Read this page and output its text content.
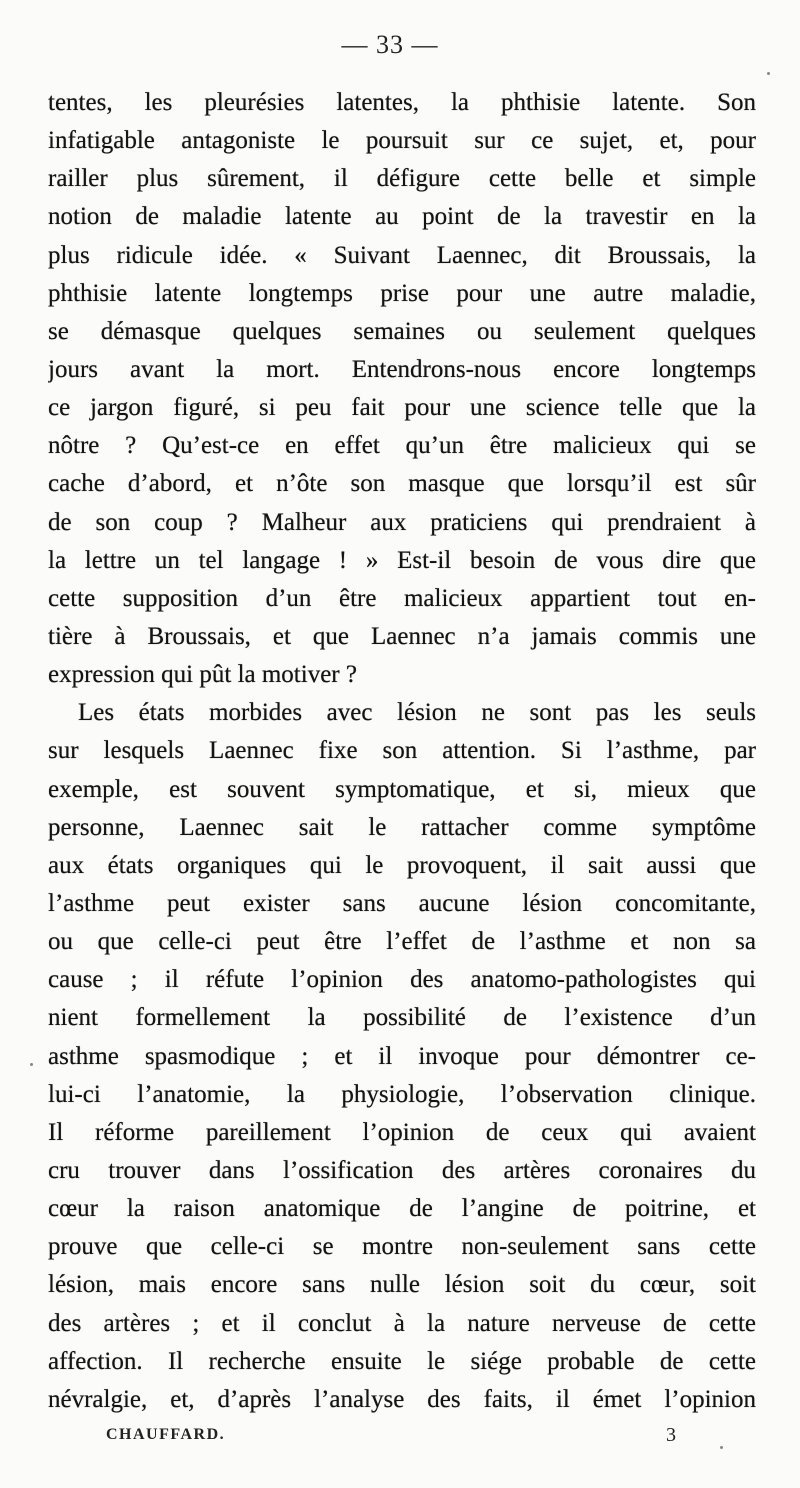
— 33 —
tentes, les pleurésies latentes, la phthisie latente. Son
infatigable antagoniste le poursuit sur ce sujet, et, pour
railler plus sûrement, il défigure cette belle et simple
notion de maladie latente au point de la travestir en la
plus ridicule idée. « Suivant Laennec, dit Broussais, la
phthisie latente longtemps prise pour une autre maladie,
se démasque quelques semaines ou seulement quelques
jours avant la mort. Entendrons-nous encore longtemps
ce jargon figuré, si peu fait pour une science telle que la
nôtre ? Qu’est-ce en effet qu’un être malicieux qui se
cache d’abord, et n’ôte son masque que lorsqu’il est sûr
de son coup ? Malheur aux praticiens qui prendraient à
la lettre un tel langage ! » Est-il besoin de vous dire que
cette supposition d’un être malicieux appartient tout en-
tière à Broussais, et que Laennec n’a jamais commis une
expression qui pût la motiver ?
Les états morbides avec lésion ne sont pas les seuls
sur lesquels Laennec fixe son attention. Si l’asthme, par
exemple, est souvent symptomatique, et si, mieux que
personne, Laennec sait le rattacher comme symptôme
aux états organiques qui le provoquent, il sait aussi que
l’asthme peut exister sans aucune lésion concomitante,
ou que celle-ci peut être l’effet de l’asthme et non sa
cause ; il réfute l’opinion des anatomo-pathologistes qui
nient formellement la possibilité de l’existence d’un
asthme spasmodique ; et il invoque pour démontrer ce-
lui-ci l’anatomie, la physiologie, l’observation clinique.
Il réforme pareillement l’opinion de ceux qui avaient
cru trouver dans l’ossification des artères coronaires du
cœur la raison anatomique de l’angine de poitrine, et
prouve que celle-ci se montre non-seulement sans cette
lésion, mais encore sans nulle lésion soit du cœur, soit
des artères ; et il conclut à la nature nerveuse de cette
affection. Il recherche ensuite le siége probable de cette
névralgie, et, d’après l’analyse des faits, il émet l’opinion
CHAUFFARD.	3
